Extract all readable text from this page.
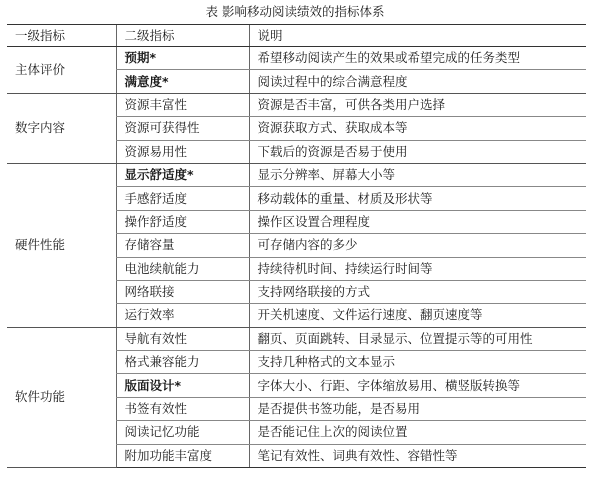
表 影响移动阅读绩效的指标体系
一级指标	二级指标	说明
主体评价	预期*	希望移动阅读产生的效果或希望完成的任务类型
	满意度*	阅读过程中的综合满意程度
数字内容	资源丰富性	资源是否丰富，可供各类用户选择
	资源可获得性	资源获取方式、获取成本等
	资源易用性	下载后的资源是否易于使用
硬件性能	显示舒适度*	显示分辨率、屏幕大小等
	手感舒适度	移动载体的重量、材质及形状等
	操作舒适度	操作区设置合理程度
	存储容量	可存储内容的多少
	电池续航能力	持续待机时间、持续运行时间等
	网络联接	支持网络联接的方式
	运行效率	开关机速度、文件运行速度、翻页速度等
软件功能	导航有效性	翻页、页面跳转、目录显示、位置提示等的可用性
	格式兼容能力	支持几种格式的文本显示
	版面设计*	字体大小、行距、字体缩放易用、横竖版转换等
	书签有效性	是否提供书签功能，是否易用
	阅读记忆功能	是否能记住上次的阅读位置
	附加功能丰富度	笔记有效性、词典有效性、容错性等
